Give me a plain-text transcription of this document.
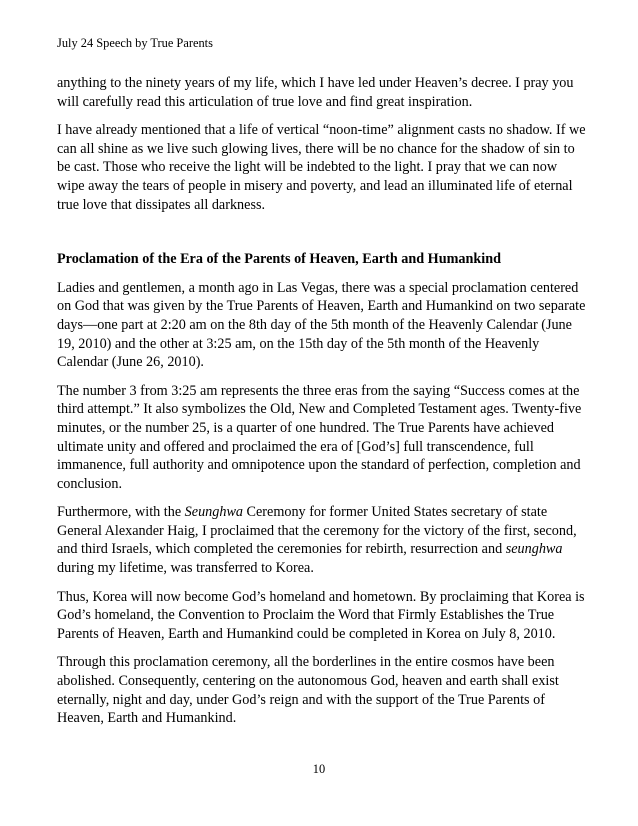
July 24 Speech by True Parents

anything to the ninety years of my life, which I have led under Heaven’s decree. I pray you will carefully read this articulation of true love and find great inspiration.

I have already mentioned that a life of vertical “noon-time” alignment casts no shadow. If we can all shine as we live such glowing lives, there will be no chance for the shadow of sin to be cast. Those who receive the light will be indebted to the light. I pray that we can now wipe away the tears of people in misery and poverty, and lead an illuminated life of eternal true love that dissipates all darkness.

Proclamation of the Era of the Parents of Heaven, Earth and Humankind

Ladies and gentlemen, a month ago in Las Vegas, there was a special proclamation centered on God that was given by the True Parents of Heaven, Earth and Humankind on two separate days—one part at 2:20 am on the 8th day of the 5th month of the Heavenly Calendar (June 19, 2010) and the other at 3:25 am, on the 15th day of the 5th month of the Heavenly Calendar (June 26, 2010).

The number 3 from 3:25 am represents the three eras from the saying “Success comes at the third attempt.” It also symbolizes the Old, New and Completed Testament ages. Twenty-five minutes, or the number 25, is a quarter of one hundred. The True Parents have achieved ultimate unity and offered and proclaimed the era of [God’s] full transcendence, full immanence, full authority and omnipotence upon the standard of perfection, completion and conclusion.

Furthermore, with the Seunghwa Ceremony for former United States secretary of state General Alexander Haig, I proclaimed that the ceremony for the victory of the first, second, and third Israels, which completed the ceremonies for rebirth, resurrection and seunghwa during my lifetime, was transferred to Korea.

Thus, Korea will now become God’s homeland and hometown. By proclaiming that Korea is God’s homeland, the Convention to Proclaim the Word that Firmly Establishes the True Parents of Heaven, Earth and Humankind could be completed in Korea on July 8, 2010.

Through this proclamation ceremony, all the borderlines in the entire cosmos have been abolished. Consequently, centering on the autonomous God, heaven and earth shall exist eternally, night and day, under God’s reign and with the support of the True Parents of Heaven, Earth and Humankind.

10
